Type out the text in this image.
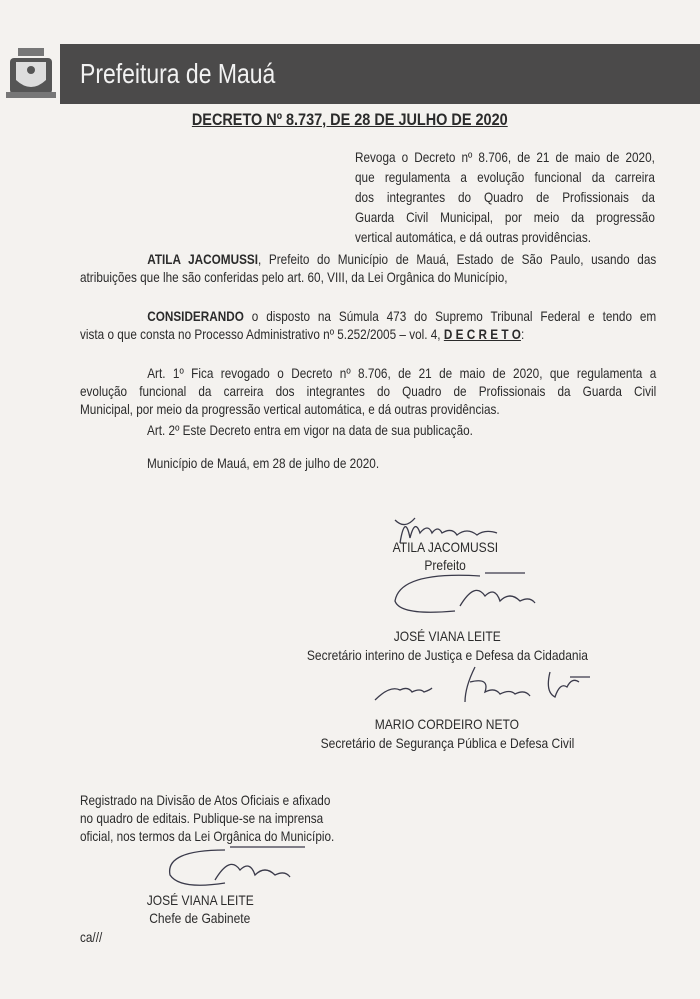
Prefeitura de Mauá
DECRETO Nº 8.737, DE 28 DE JULHO DE 2020
Revoga o Decreto nº 8.706, de 21 de maio de 2020,
que regulamenta a evolução funcional da carreira
dos integrantes do Quadro de Profissionais da
Guarda Civil Municipal, por meio da progressão
vertical automática, e dá outras providências.
ATILA JACOMUSSI, Prefeito do Município de Mauá, Estado de São Paulo, usando das
atribuições que lhe são conferidas pelo art. 60, VIII, da Lei Orgânica do Município,
CONSIDERANDO o disposto na Súmula 473 do Supremo Tribunal Federal e tendo em
vista o que consta no Processo Administrativo nº 5.252/2005 – vol. 4, D E C R E T O:
Art. 1º Fica revogado o Decreto nº 8.706, de 21 de maio de 2020, que regulamenta a
evolução funcional da carreira dos integrantes do Quadro de Profissionais da Guarda Civil
Municipal, por meio da progressão vertical automática, e dá outras providências.
Art. 2º Este Decreto entra em vigor na data de sua publicação.
Município de Mauá, em 28 de julho de 2020.
ATILA JACOMUSSI
Prefeito
JOSÉ VIANA LEITE
Secretário interino de Justiça e Defesa da Cidadania
MARIO CORDEIRO NETO
Secretário de Segurança Pública e Defesa Civil
Registrado na Divisão de Atos Oficiais e afixado
no quadro de editais. Publique-se na imprensa
oficial, nos termos da Lei Orgânica do Município.
JOSÉ VIANA LEITE
Chefe de Gabinete
ca///
